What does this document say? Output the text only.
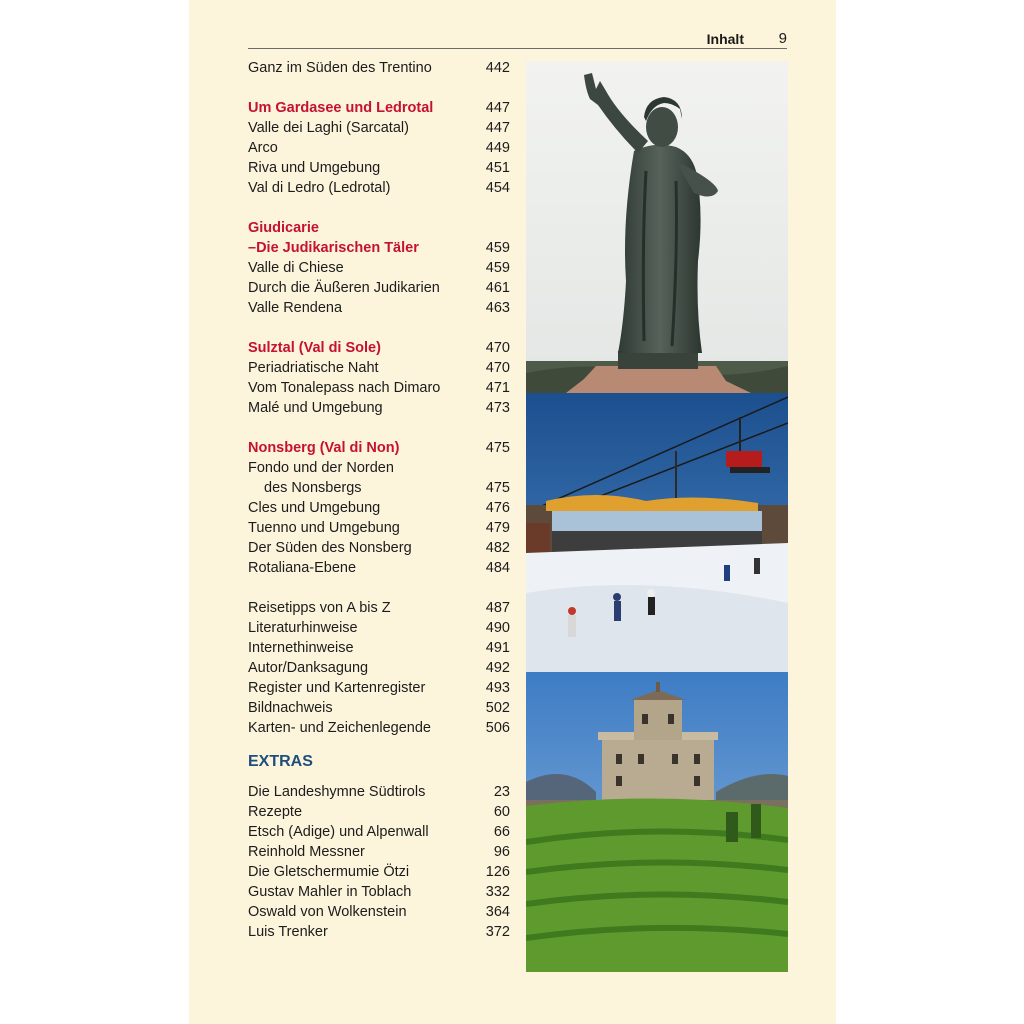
Inhalt 9
Ganz im Süden des Trentino	442
Um Gardasee und Ledrotal	447
Valle dei Laghi (Sarcatal)	447
Arco	449
Riva und Umgebung	451
Val di Ledro (Ledrotal)	454
Giudicarie
–Die Judikarischen Täler	459
Valle di Chiese	459
Durch die Äußeren Judikarien	461
Valle Rendena	463
Sulztal (Val di Sole)	470
Periadriatische Naht	470
Vom Tonalepass nach Dimaro	471
Malé und Umgebung	473
Nonsberg (Val di Non)	475
Fondo und der Norden
des Nonsbergs	475
Cles und Umgebung	476
Tuenno und Umgebung	479
Der Süden des Nonsberg	482
Rotaliana-Ebene	484
Reisetipps von A bis Z	487
Literaturhinweise	490
Internethinweise	491
Autor/Danksagung	492
Register und Kartenregister	493
Bildnachweis	502
Karten- und Zeichenlegende	506
EXTRAS
Die Landeshymne Südtirols	23
Rezepte	60
Etsch (Adige) und Alpenwall	66
Reinhold Messner	96
Die Gletschermumie Ötzi	126
Gustav Mahler in Toblach	332
Oswald von Wolkenstein	364
Luis Trenker	372
